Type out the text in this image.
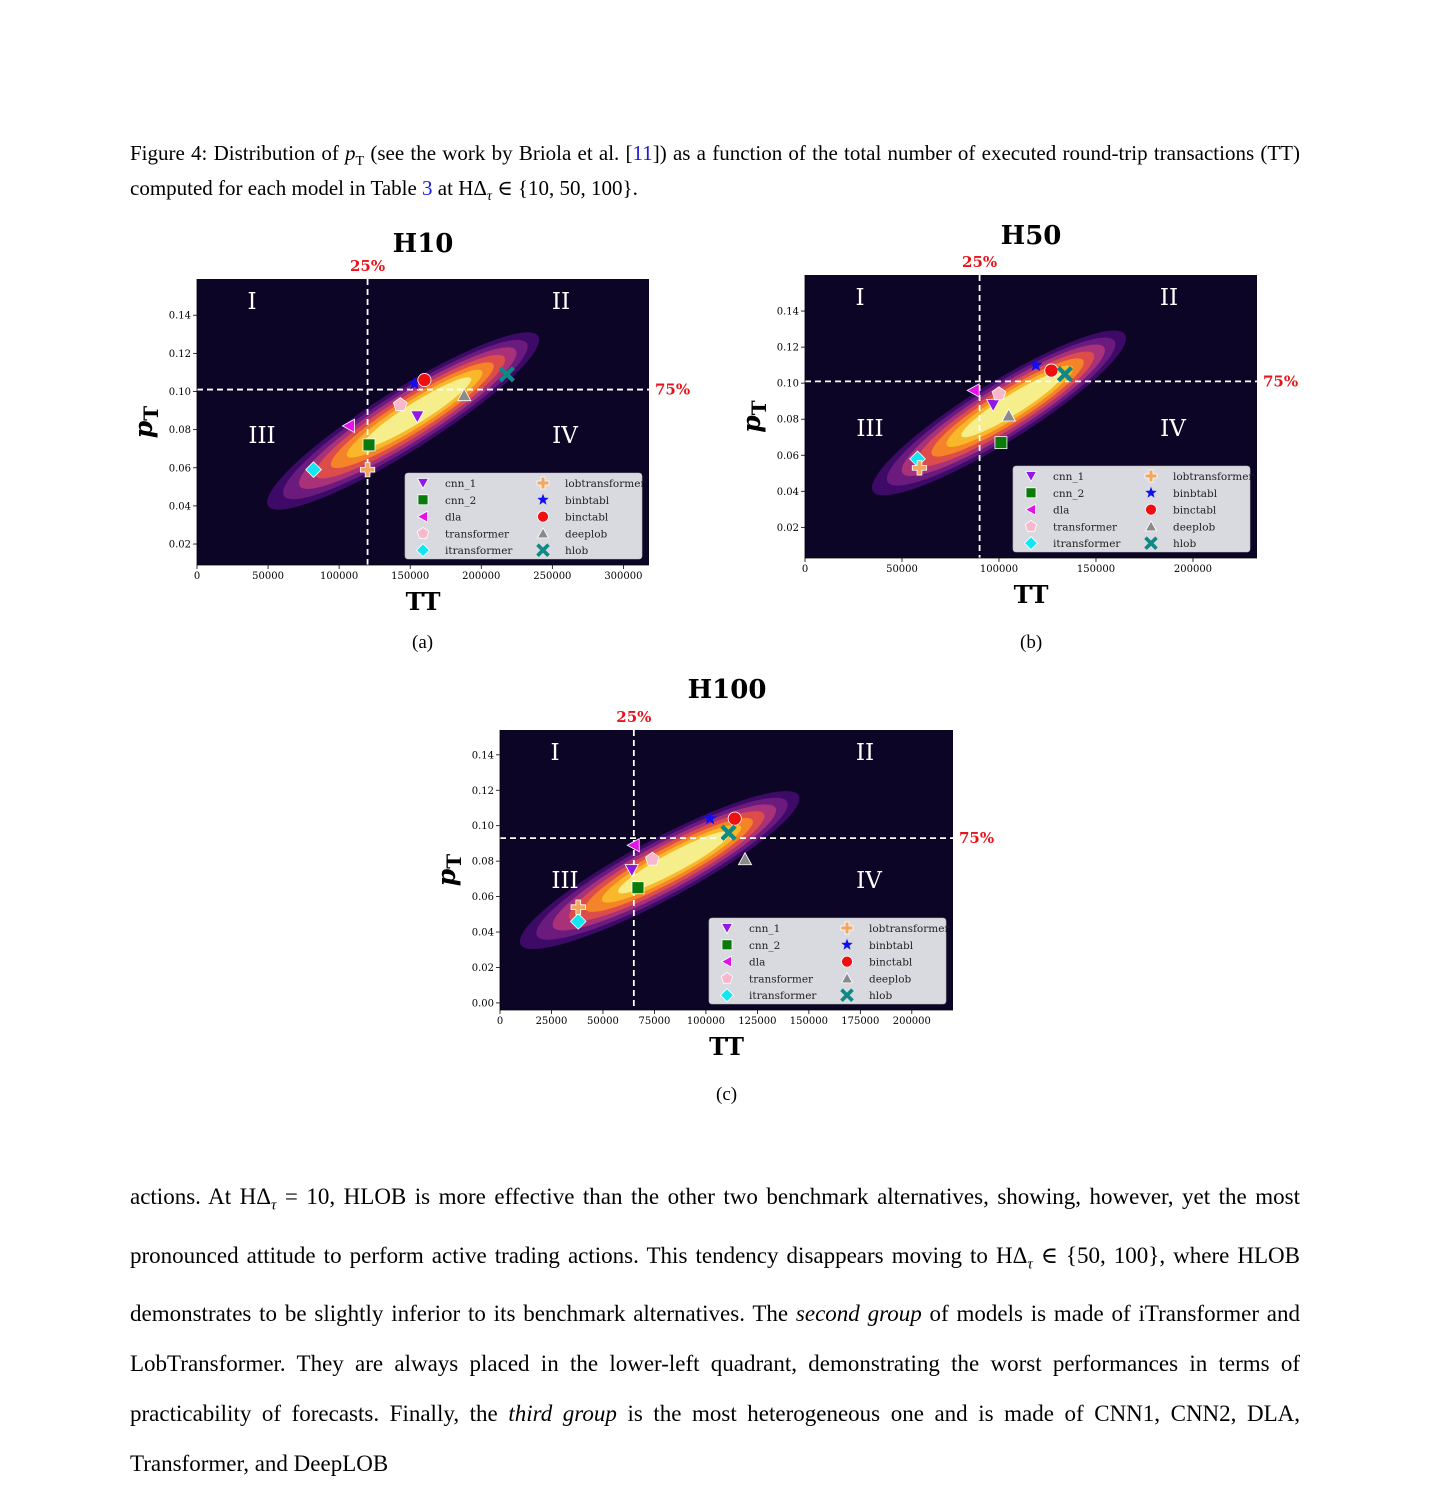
Figure 4: Distribution of $p_T$ (see the work by Briola et al. [11]) as a function of the total number of executed round-trip transactions (TT) computed for each model in Table 3 at $H\Delta_\tau$ ∈ {10, 50, 100}.
25%
75%
I	II
III	IV
cnn_1
cnn_2
dla
transformer
itransformer
lobtransformer
binbtabl
binctabl
deeplob
hlob
0	50000	100000	150000	200000	250000	300000
0.02
0.04
0.06
0.08
0.10
0.12
0.14
H10
TT
$p_T$
(a)
25%
75%
I	II
III	IV
cnn_1
cnn_2
dla
transformer
itransformer
lobtransformer
binbtabl
binctabl
deeplob
hlob
0	50000	100000	150000	200000
0.02
0.04
0.06
0.08
0.10
0.12
0.14
H50
TT
$p_T$
(b)
25%
75%
I	II
III	IV
cnn_1
cnn_2
dla
transformer
itransformer
lobtransformer
binbtabl
binctabl
deeplob
hlob
0	25000 50000 75000 100000 125000 150000 175000 200000
0.00
0.02
0.04
0.06
0.08
0.10
0.12
0.14
H100
TT
$p_T$
(c)

actions. At $H\Delta_\tau = 10$, HLOB is more effective than the other two benchmark alternatives, showing, however, yet the most pronounced attitude to perform active trading actions. This tendency disappears moving to $H\Delta_\tau$ ∈ {50, 100}, where HLOB demonstrates to be slightly inferior to its benchmark alternatives. The second group of models is made of iTransformer and LobTransformer. They are always placed in the lower-left quadrant, demonstrating the worst performances in terms of practicability of forecasts. Finally, the third group is the most heterogeneous one and is made of CNN1, CNN2, DLA, Transformer, and DeepLOB
